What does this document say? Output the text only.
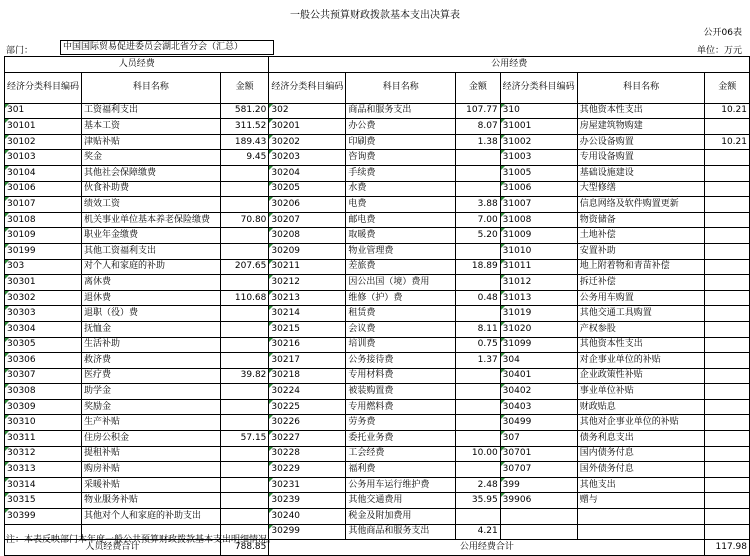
一般公共预算财政拨款基本支出决算表
公开06表
部门：	中国国际贸易促进委员会湖北省分会（汇总）	单位：万元
人员经费			公用经费					
经济分类科目编码	科目名称	金额	经济分类科目编码	科目名称	金额	经济分类科目编码	科目名称	金额
301	工资福利支出	581.20	302	商品和服务支出	107.77	310	其他资本性支出	10.21
30101	基本工资	311.52	30201	办公费	8.07	31001	房屋建筑物购建	
30102	津贴补贴	189.43	30202	印刷费	1.38	31002	办公设备购置	10.21
30103	奖金	9.45	30203	咨询费		31003	专用设备购置	
30104	其他社会保障缴费		30204	手续费		31005	基础设施建设	
30106	伙食补助费		30205	水费		31006	大型修缮	
30107	绩效工资		30206	电费	3.88	31007	信息网络及软件购置更新	
30108	机关事业单位基本养老保险缴费	70.80	30207	邮电费	7.00	31008	物资储备	
30109	职业年金缴费		30208	取暖费	5.20	31009	土地补偿	
30199	其他工资福利支出		30209	物业管理费		31010	安置补助	
303	对个人和家庭的补助	207.65	30211	差旅费	18.89	31011	地上附着物和青苗补偿	
30301	离休费		30212	因公出国（境）费用		31012	拆迁补偿	
30302	退休费	110.68	30213	维修（护）费	0.48	31013	公务用车购置	
30303	退职（役）费		30214	租赁费		31019	其他交通工具购置	
30304	抚恤金		30215	会议费	8.11	31020	产权参股	
30305	生活补助		30216	培训费	0.75	31099	其他资本性支出	
30306	救济费		30217	公务接待费	1.37	304	对企事业单位的补贴	
30307	医疗费	39.82	30218	专用材料费		30401	企业政策性补贴	
30308	助学金		30224	被装购置费		30402	事业单位补贴	
30309	奖励金		30225	专用燃料费		30403	财政贴息	
30310	生产补贴		30226	劳务费		30499	其他对企事业单位的补贴	
30311	住房公积金	57.15	30227	委托业务费		307	债务利息支出	
30312	提租补贴		30228	工会经费	10.00	30701	国内债务付息	
30313	购房补贴		30229	福利费		30707	国外债务付息	
30314	采暖补贴		30231	公务用车运行维护费	2.48	399	其他支出	
30315	物业服务补贴		30239	其他交通费用	35.95	39906	赠与	
30399	其他对个人和家庭的补助支出		30240	税金及附加费用				
			30299	其他商品和服务支出	4.21			
人员经费合计		788.85	公用经费合计					117.98
注：本表反映部门本年度一般公共预算财政拨款基本支出明细情况。
